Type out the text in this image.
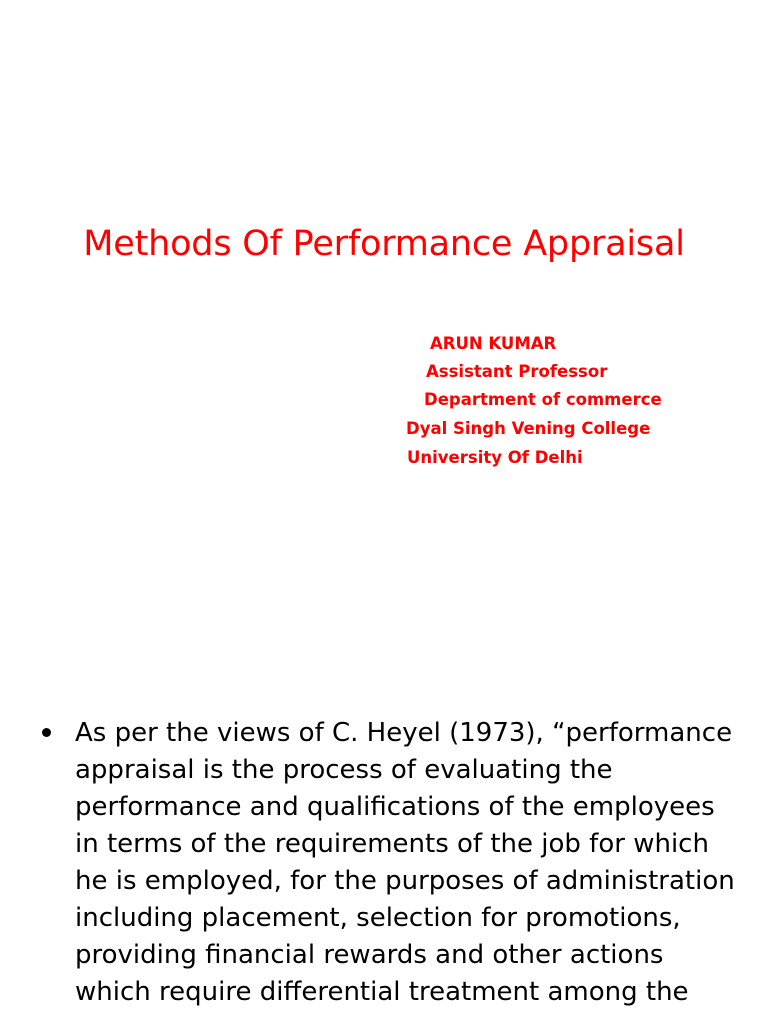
Methods Of Performance Appraisal
ARUN KUMAR
Assistant Professor
Department of commerce
Dyal Singh Vening College
University Of Delhi
As per the views of C. Heyel (1973), “performance appraisal is the process of evaluating the performance and qualifications of the employees in terms of the requirements of the job for which he is employed, for the purposes of administration including placement, selection for promotions, providing financial rewards and other actions which require differential treatment among the
